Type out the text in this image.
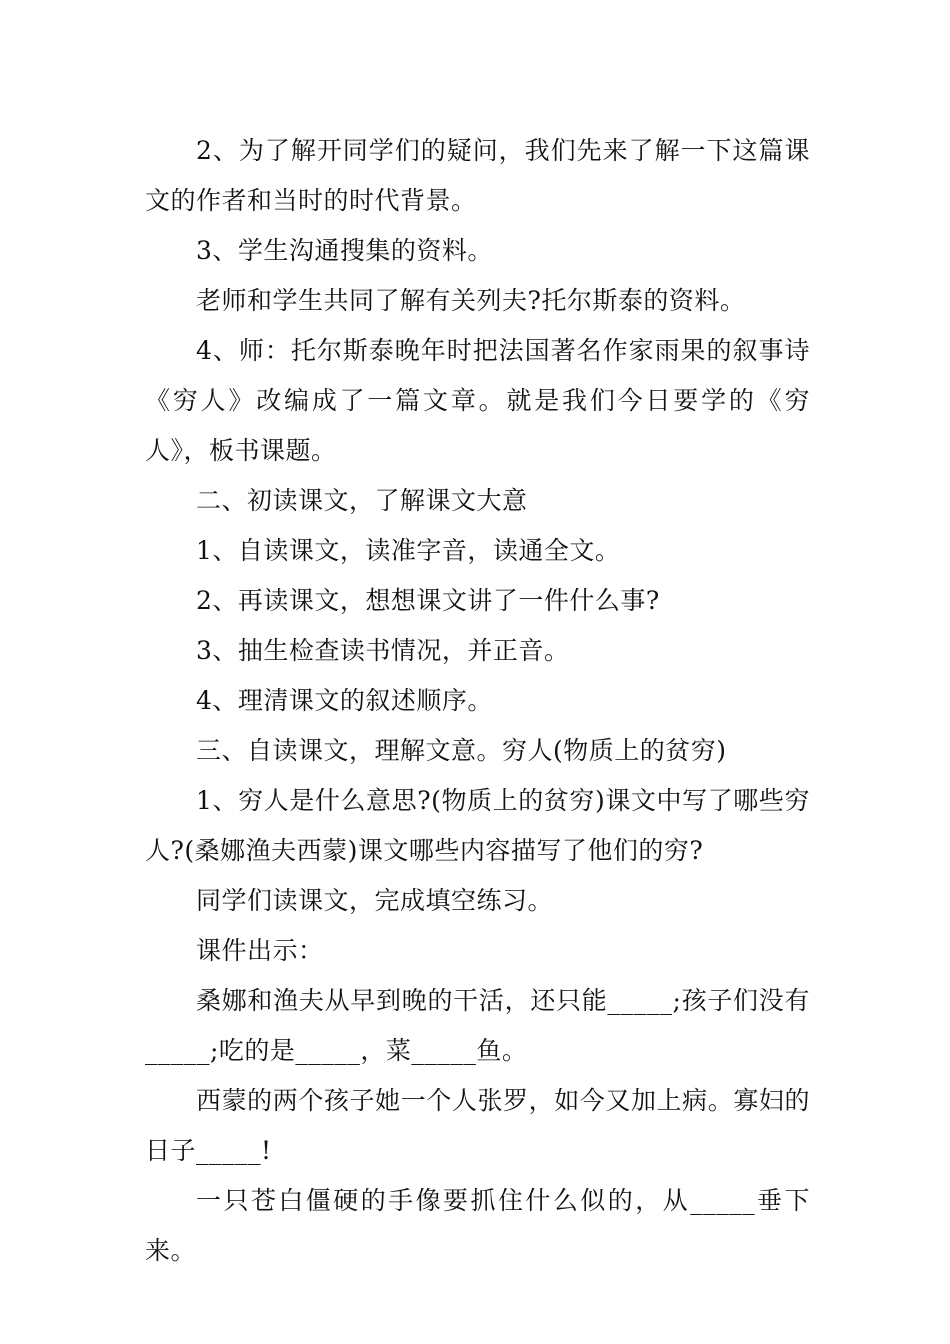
2、为了解开同学们的疑问，我们先来了解一下这篇课文的作者和当时的时代背景。

3、学生沟通搜集的资料。

老师和学生共同了解有关列夫?托尔斯泰的资料。

4、师：托尔斯泰晚年时把法国著名作家雨果的叙事诗《穷人》改编成了一篇文章。就是我们今日要学的《穷人》，板书课题。

二、初读课文，了解课文大意

1、自读课文，读准字音，读通全文。

2、再读课文，想想课文讲了一件什么事?

3、抽生检查读书情况，并正音。

4、理清课文的叙述顺序。

三、自读课文，理解文意。穷人(物质上的贫穷)

1、穷人是什么意思?(物质上的贫穷)课文中写了哪些穷人?(桑娜渔夫西蒙)课文哪些内容描写了他们的穷?

同学们读课文，完成填空练习。

课件出示：

桑娜和渔夫从早到晚的干活，还只能_____;孩子们没有_____;吃的是_____，菜_____鱼。

西蒙的两个孩子她一个人张罗，如今又加上病。寡妇的日子_____!

一只苍白僵硬的手像要抓住什么似的，从_____垂下来。
